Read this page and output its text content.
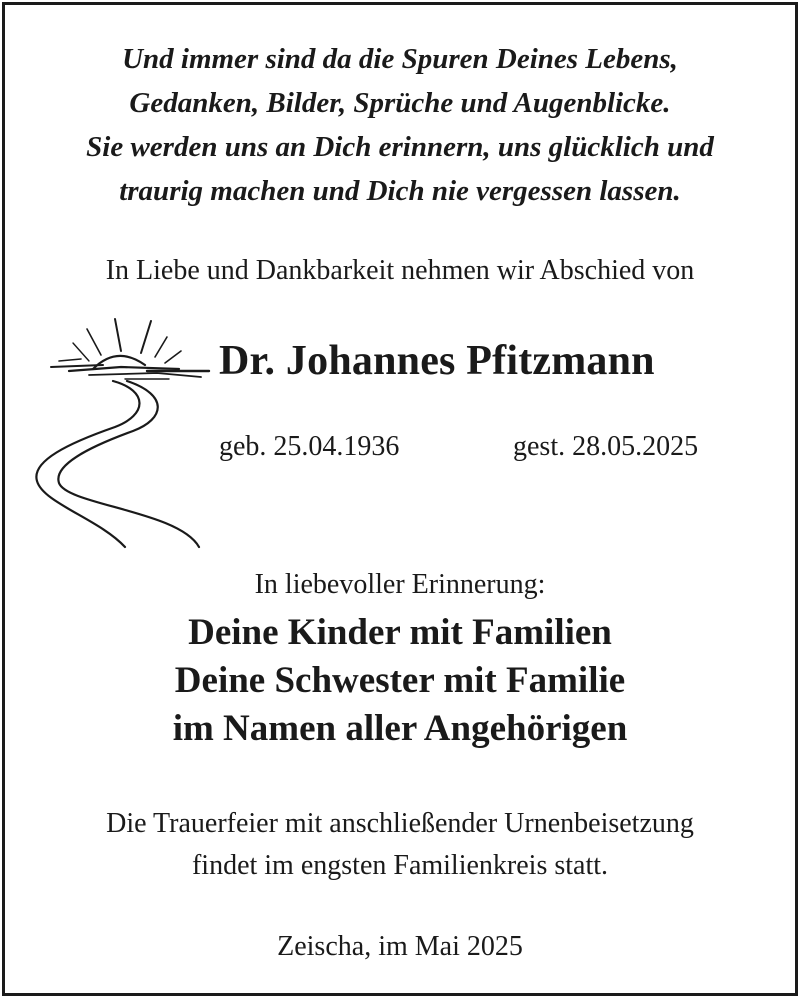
Und immer sind da die Spuren Deines Lebens,
Gedanken, Bilder, Sprüche und Augenblicke.
Sie werden uns an Dich erinnern, uns glücklich und
traurig machen und Dich nie vergessen lassen.
In Liebe und Dankbarkeit nehmen wir Abschied von
Dr. Johannes Pfitzmann
geb. 25.04.1936	gest. 28.05.2025
In liebevoller Erinnerung:
Deine Kinder mit Familien
Deine Schwester mit Familie
im Namen aller Angehörigen
Die Trauerfeier mit anschließender Urnenbeisetzung
findet im engsten Familienkreis statt.
Zeischa, im Mai 2025
